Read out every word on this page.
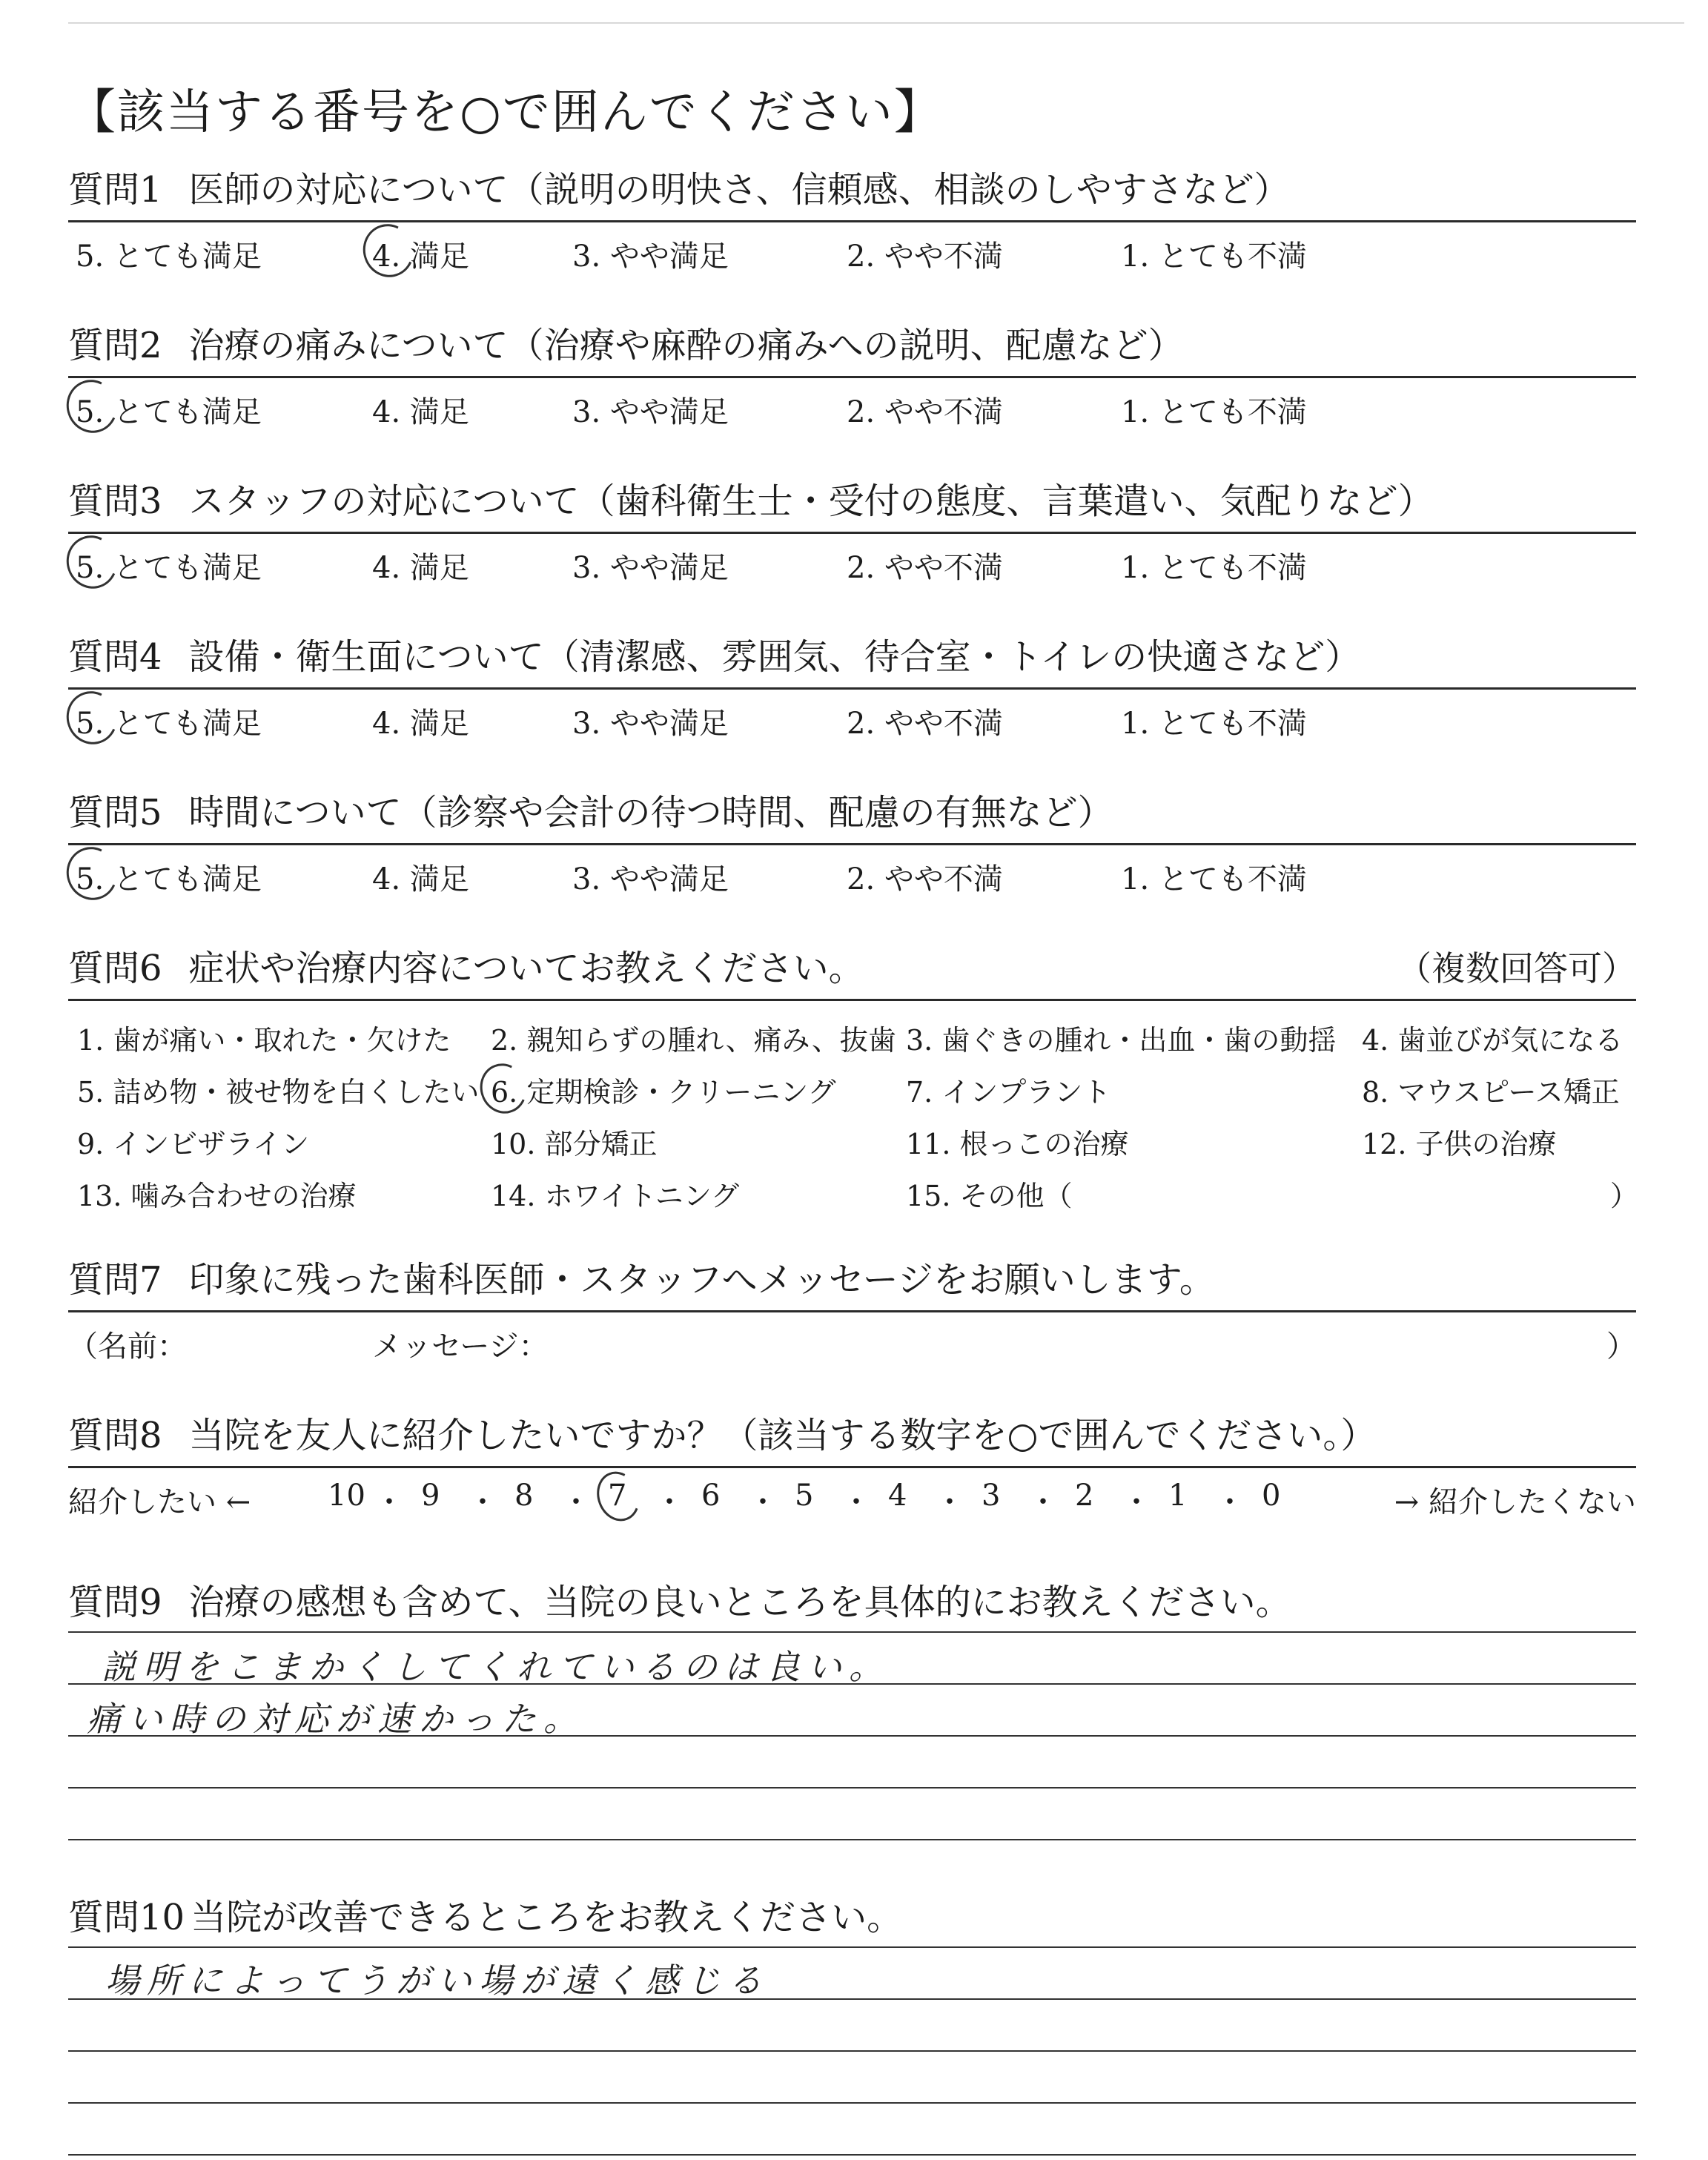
【該当する番号を○で囲んでください】
質問1 医師の対応について（説明の明快さ、信頼感、相談のしやすさなど）
5. とても満足	4. 満足	3. やや満足	2. やや不満	1. とても不満
質問2 治療の痛みについて（治療や麻酔の痛みへの説明、配慮など）
5. とても満足	4. 満足	3. やや満足	2. やや不満	1. とても不満
質問3 スタッフの対応について（歯科衛生士・受付の態度、言葉遣い、気配りなど）
5. とても満足	4. 満足	3. やや満足	2. やや不満	1. とても不満
質問4 設備・衛生面について（清潔感、雰囲気、待合室・トイレの快適さなど）
5. とても満足	4. 満足	3. やや満足	2. やや不満	1. とても不満
質問5 時間について（診察や会計の待つ時間、配慮の有無など）
5. とても満足	4. 満足	3. やや満足	2. やや不満	1. とても不満
質問6 症状や治療内容についてお教えください。	（複数回答可）
1. 歯が痛い・取れた・欠けた 2. 親知らずの腫れ、痛み、抜歯 3. 歯ぐきの腫れ・出血・歯の動揺 4. 歯並びが気になる
5. 詰め物・被せ物を白くしたい 6. 定期検診・クリーニング 7. インプラント	8. マウスピース矯正
9. インビザライン	10. 部分矯正	11. 根っこの治療	12. 子供の治療
13. 噛み合わせの治療	14. ホワイトニング	15. その他（	）
質問7 印象に残った歯科医師・スタッフへメッセージをお願いします。
（名前：	メッセージ：	）
質問8 当院を友人に紹介したいですか？（該当する数字を○で囲んでください。）
紹介したい ←	→ 紹介したくない
10 ・ 9 ・ 8 ・ 7 ・ 6 ・ 5 ・ 4 ・ 3 ・ 2 ・ 1 ・ 0
質問9 治療の感想も含めて、当院の良いところを具体的にお教えください。
説明をこまかくしてくれているのは良い。
痛い時の対応が速かった。
質問10 当院が改善できるところをお教えください。
場所によってうがい場が遠く感じる
